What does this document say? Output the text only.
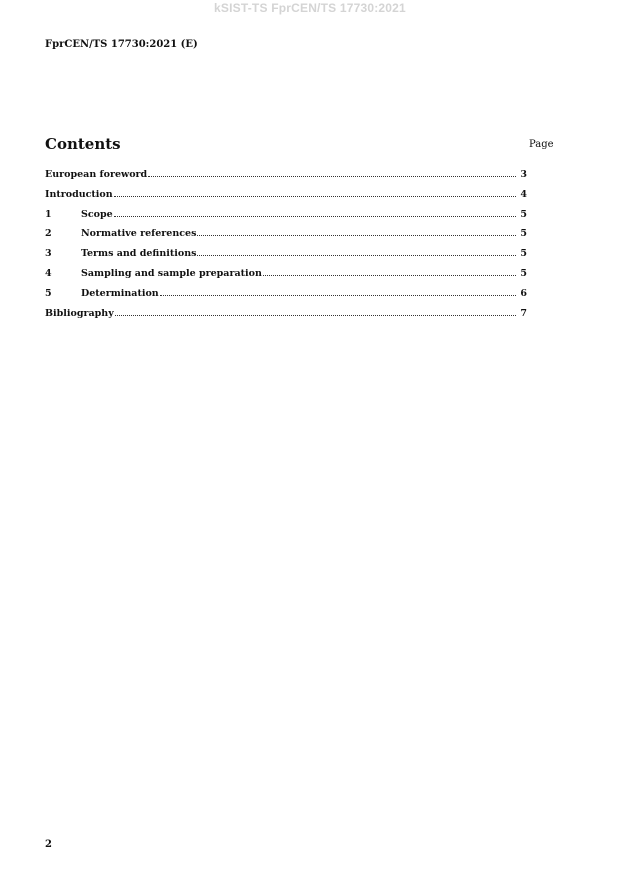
kSIST-TS FprCEN/TS 17730:2021
FprCEN/TS 17730:2021 (E)
Contents	Page
European foreword	3
Introduction	4
1	Scope	5
2	Normative references	5
3	Terms and definitions	5
4	Sampling and sample preparation	5
5	Determination	6
Bibliography	7
2
